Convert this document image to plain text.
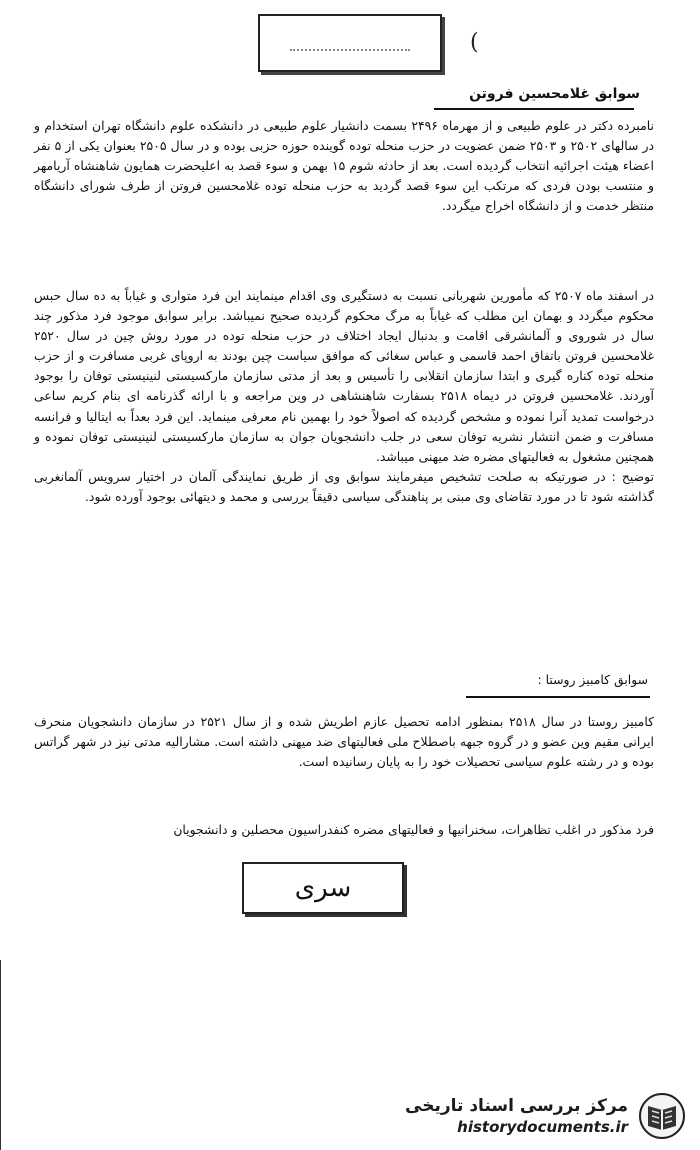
(
سوابق غلامحسین فروتن
نامبرده دکتر در علوم طبیعی و از مهرماه ۲۴۹۶ بسمت دانشیار علوم طبیعی در دانشکده علوم دانشگاه تهران استخدام و در سالهای ۲۵۰۲ و ۲۵۰۳ ضمن عضویت در حزب منحله توده گوینده حوزه حزبی بوده و در سال ۲۵۰۵ بعنوان یکی از ۵ نفر اعضاء هیئت اجرائیه انتخاب گردیده است. بعد از حادثه شوم ۱۵ بهمن و سوء قصد به اعلیحضرت همایون شاهنشاه آریامهر و منتسب بودن فردی که مرتکب این سوء قصد گردید به حزب منحله توده غلامحسین فروتن از طرف شورای دانشگاه منتظر خدمت و از دانشگاه اخراج میگردد.
در اسفند ماه ۲۵۰۷ که مأمورین شهربانی نسبت به دستگیری وی اقدام مینمایند این فرد متواری و غیاباً به ده سال حبس محکوم میگردد و بهمان این مطلب که غیاباً به مرگ محکوم گردیده صحیح نمیباشد. برابر سوابق موجود فرد مذکور چند سال در شوروی و آلمانشرقی اقامت و بدنبال ایجاد اختلاف در حزب منحله توده در مورد روش چین در سال ۲۵۲۰ غلامحسین فروتن باتفاق احمد قاسمی و عباس سغائی که موافق سیاست چین بودند به اروپای غربی مسافرت و از حزب منحله توده کناره گیری و ابتدا سازمان انقلابی را تأسیس و بعد از مدتی سازمان مارکسیستی لنینیستی توفان را بوجود آوردند. غلامحسین فروتن در دیماه ۲۵۱۸ بسفارت شاهنشاهی در وین مراجعه و با ارائه گذرنامه ای بنام کریم ساعی درخواست تمدید آنرا نموده و مشخص گردیده که اصولاً خود را بهمین نام معرفی مینماید. این فرد بعداً به ایتالیا و فرانسه مسافرت و ضمن انتشار نشریه توفان سعی در جلب دانشجویان جوان به سازمان مارکسیستی لنینیستی توفان نموده و همچنین مشغول به فعالیتهای مضره ضد میهنی میباشد.
توضیح : در صورتیکه به صلحت تشخیص میفرمایند سوابق وی از طریق نمایندگی آلمان در اختیار سرویس آلمانغربی گذاشته شود تا در مورد تقاضای وی مبنی بر پناهندگی سیاسی دقیقاً بررسی و محمد و دیتهائی بوجود آورده شود.
سوابق کامبیز روستا :
کامبیز روستا در سال ۲۵۱۸ بمنظور ادامه تحصیل عازم اطریش شده و از سال ۲۵۲۱ در سازمان دانشجویان منحرف ایرانی مقیم وین عضو و در گروه جبهه باصطلاح ملی فعالیتهای ضد میهنی داشته است. مشارالیه مدتی نیز در شهر گراتس بوده و در رشته علوم سیاسی تحصیلات خود را به پایان رسانیده است.
فرد مذکور در اغلب تظاهرات، سخنرانیها و فعالیتهای مضره کنفدراسیون محصلین و دانشجویان
سرى
مرکز بررسی اسناد تاریخی
historydocuments.ir
